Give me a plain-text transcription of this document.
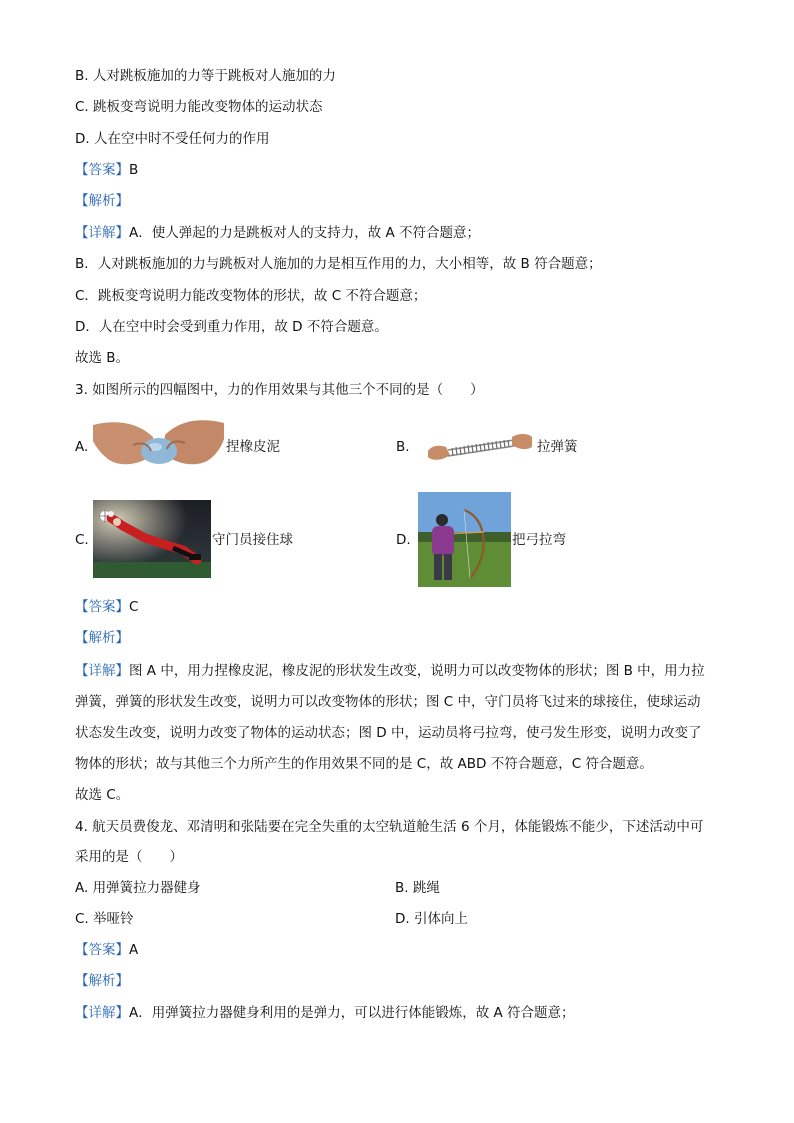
B. 人对跳板施加的力等于跳板对人施加的力
C. 跳板变弯说明力能改变物体的运动状态
D. 人在空中时不受任何力的作用
【答案】B
【解析】
【详解】A．使人弹起的力是跳板对人的支持力，故 A 不符合题意；
B．人对跳板施加的力与跳板对人施加的力是相互作用的力，大小相等，故 B 符合题意；
C．跳板变弯说明力能改变物体的形状，故 C 不符合题意；
D．人在空中时会受到重力作用，故 D 不符合题意。
故选 B。
3. 如图所示的四幅图中，力的作用效果与其他三个不同的是（　　）
A.	捏橡皮泥	B.	拉弹簧
C.	守门员接住球	D.	把弓拉弯
【答案】C
【解析】
【详解】图 A 中，用力捏橡皮泥，橡皮泥的形状发生改变，说明力可以改变物体的形状；图 B 中，用力拉
弹簧，弹簧的形状发生改变，说明力可以改变物体的形状；图 C 中，守门员将飞过来的球接住，使球运动
状态发生改变，说明力改变了物体的运动状态；图 D 中，运动员将弓拉弯，使弓发生形变，说明力改变了
物体的形状；故与其他三个力所产生的作用效果不同的是 C，故 ABD 不符合题意，C 符合题意。
故选 C。
4. 航天员费俊龙、邓清明和张陆要在完全失重的太空轨道舱生活 6 个月，体能锻炼不能少，下述活动中可
采用的是（　　）
A. 用弹簧拉力器健身	B. 跳绳
C. 举哑铃	D. 引体向上
【答案】A
【解析】
【详解】A．用弹簧拉力器健身利用的是弹力，可以进行体能锻炼，故 A 符合题意；
